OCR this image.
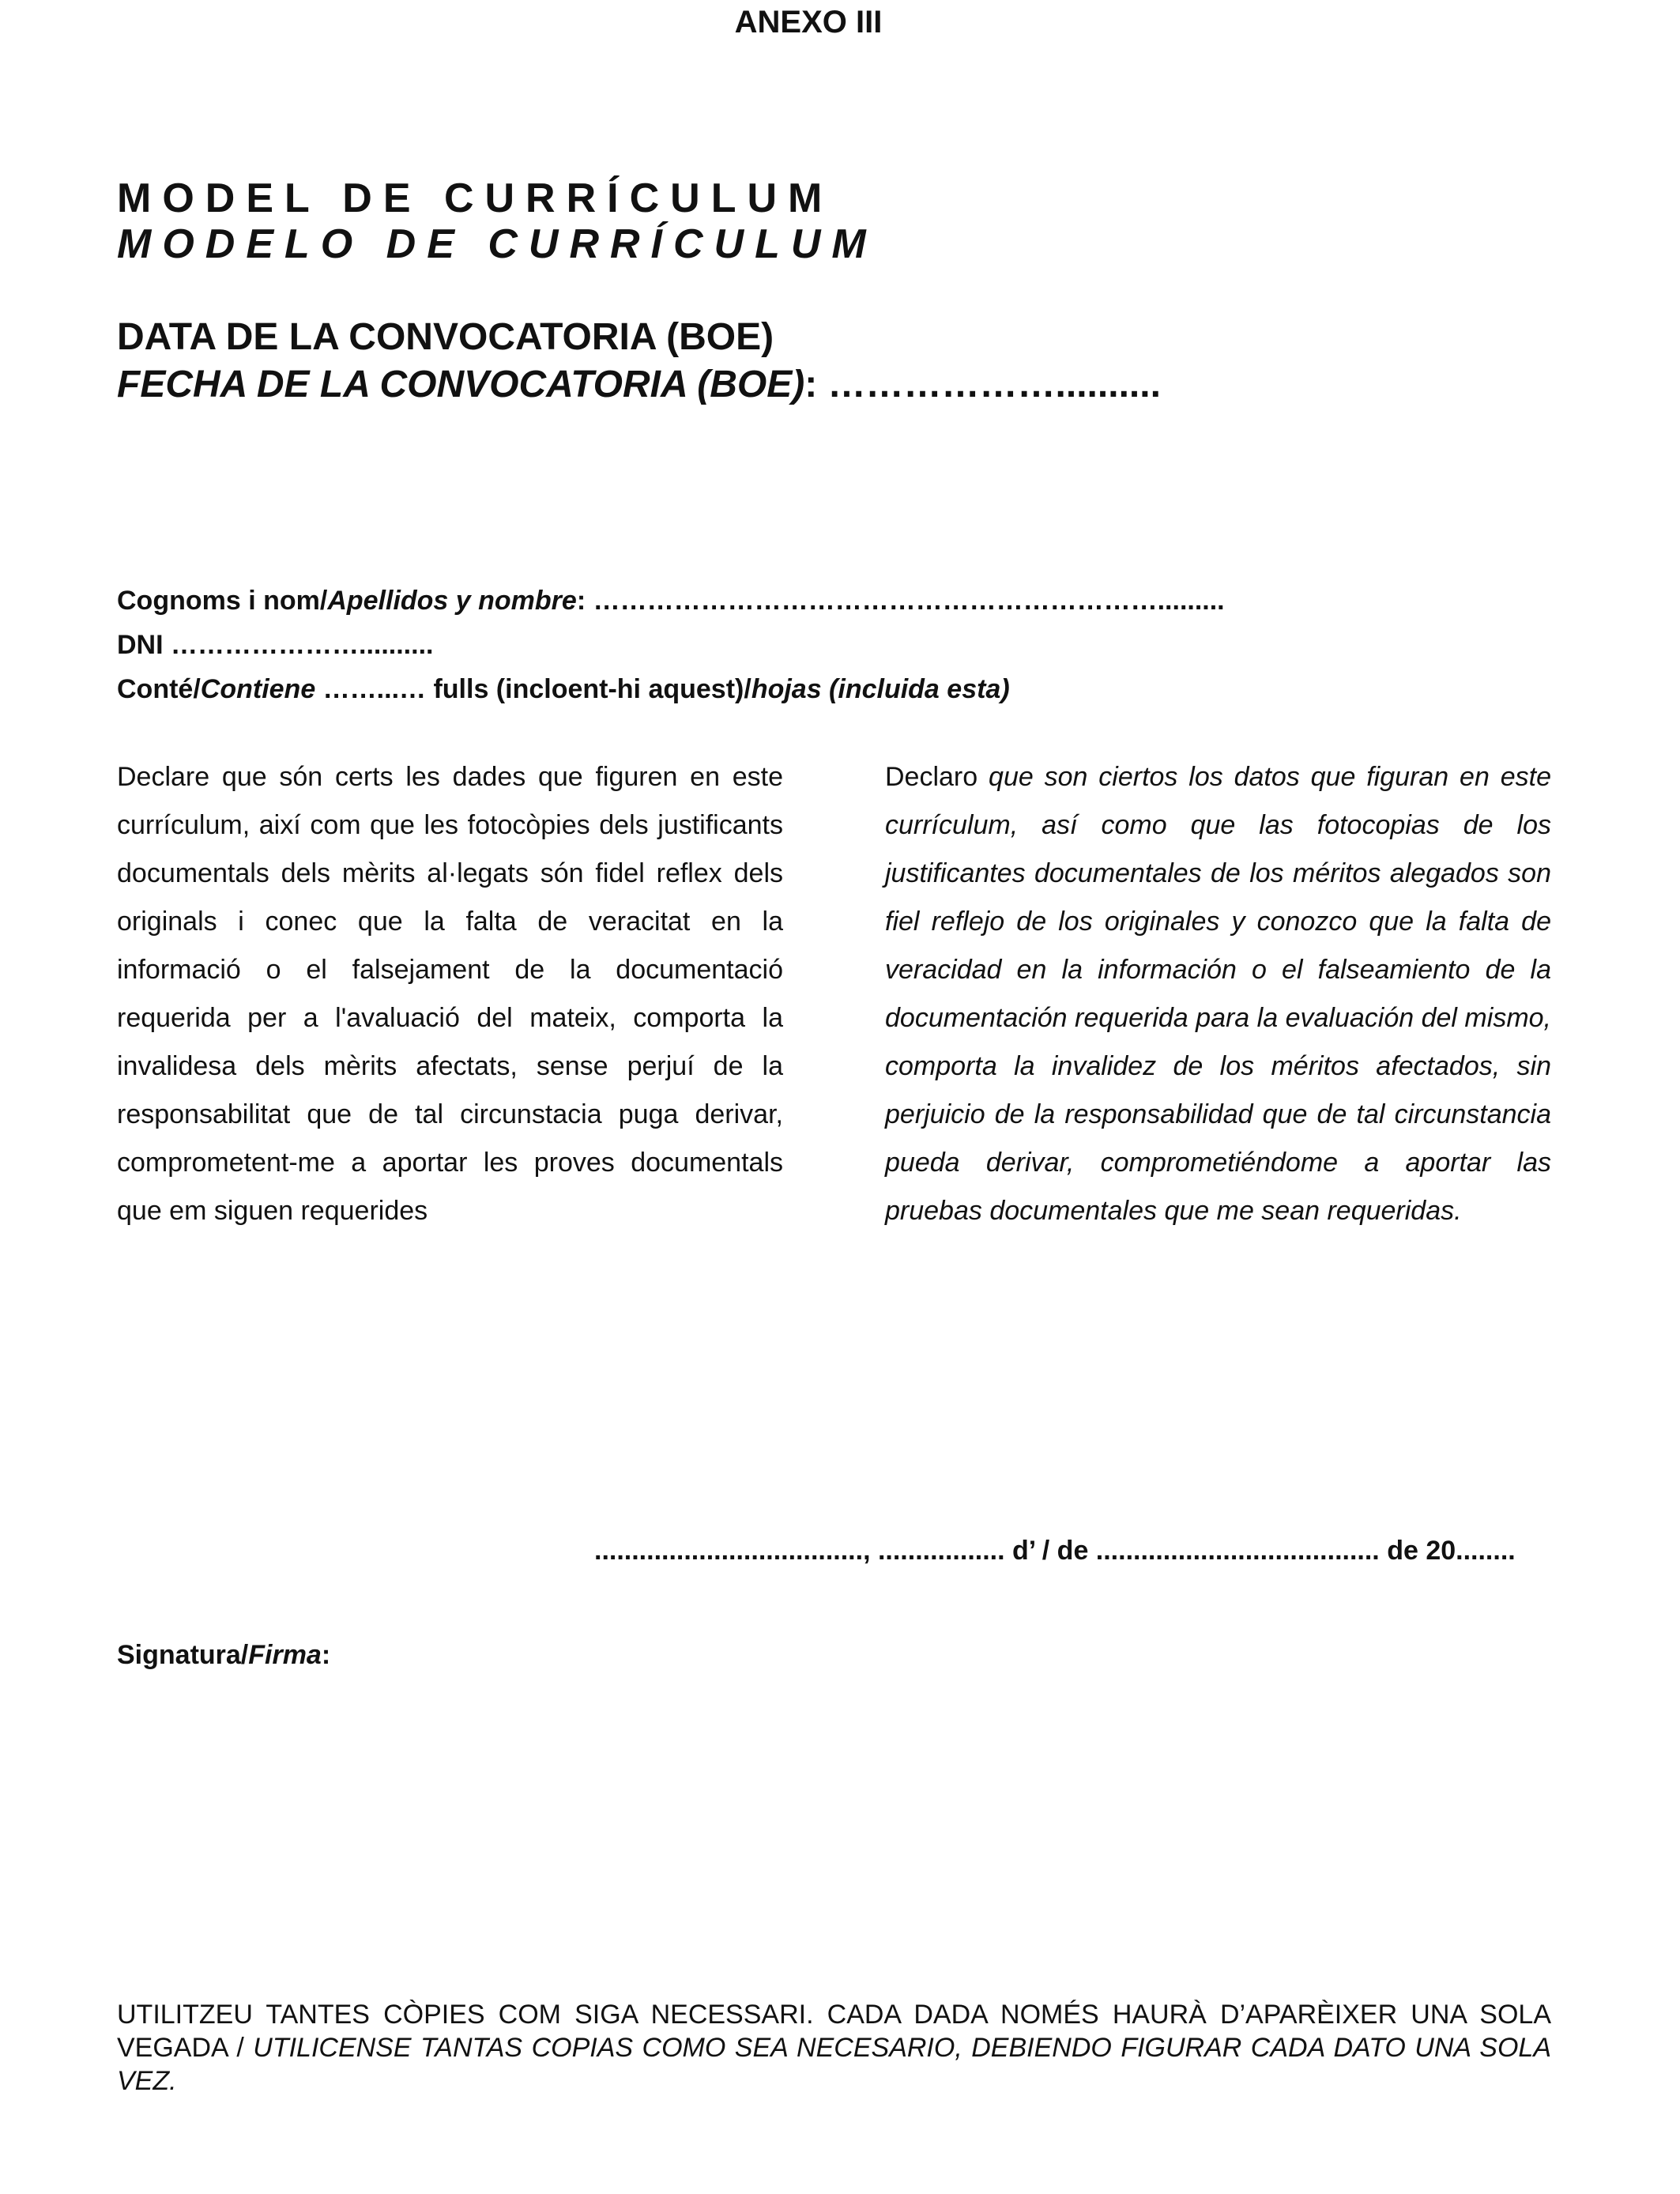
ANEXO III
MODEL DE CURRÍCULUM
MODELO DE CURRÍCULUM
DATA DE LA CONVOCATORIA (BOE)
FECHA DE LA CONVOCATORIA (BOE): ………………..........
Cognoms i nom/Apellidos y nombre: ……………………………………………………….........
DNI …………………..........
Conté/Contiene ……...… fulls (incloent-hi aquest)/hojas (incluida esta)
Declare que són certs les dades que figuren en este currículum, així com que les fotocòpies dels justificants documentals dels mèrits al·legats són fidel reflex dels originals i conec que la falta de veracitat en la informació o el falsejament de la documentació requerida per a l'avaluació del mateix, comporta la invalidesa dels mèrits afectats, sense perjuí de la responsabilitat que de tal circunstacia puga derivar, comprometent-me a aportar les proves documentals que em siguen requerides
Declaro que son ciertos los datos que figuran en este currículum, así como que las fotocopias de los justificantes documentales de los méritos alegados son fiel reflejo de los originales y conozco que la falta de veracidad en la información o el falseamiento de la documentación requerida para la evaluación del mismo, comporta la invalidez de los méritos afectados, sin perjuicio de la responsabilidad que de tal circunstancia pueda derivar, comprometiéndome a aportar las pruebas documentales que me sean requeridas.
...................................., ................. d’ / de ...................................... de 20........
Signatura/Firma:
UTILITZEU TANTES CÒPIES COM SIGA NECESSARI. CADA DADA NOMÉS HAURÀ D’APARÈIXER UNA SOLA VEGADA / UTILICENSE TANTAS COPIAS COMO SEA NECESARIO, DEBIENDO FIGURAR CADA DATO UNA SOLA VEZ.
